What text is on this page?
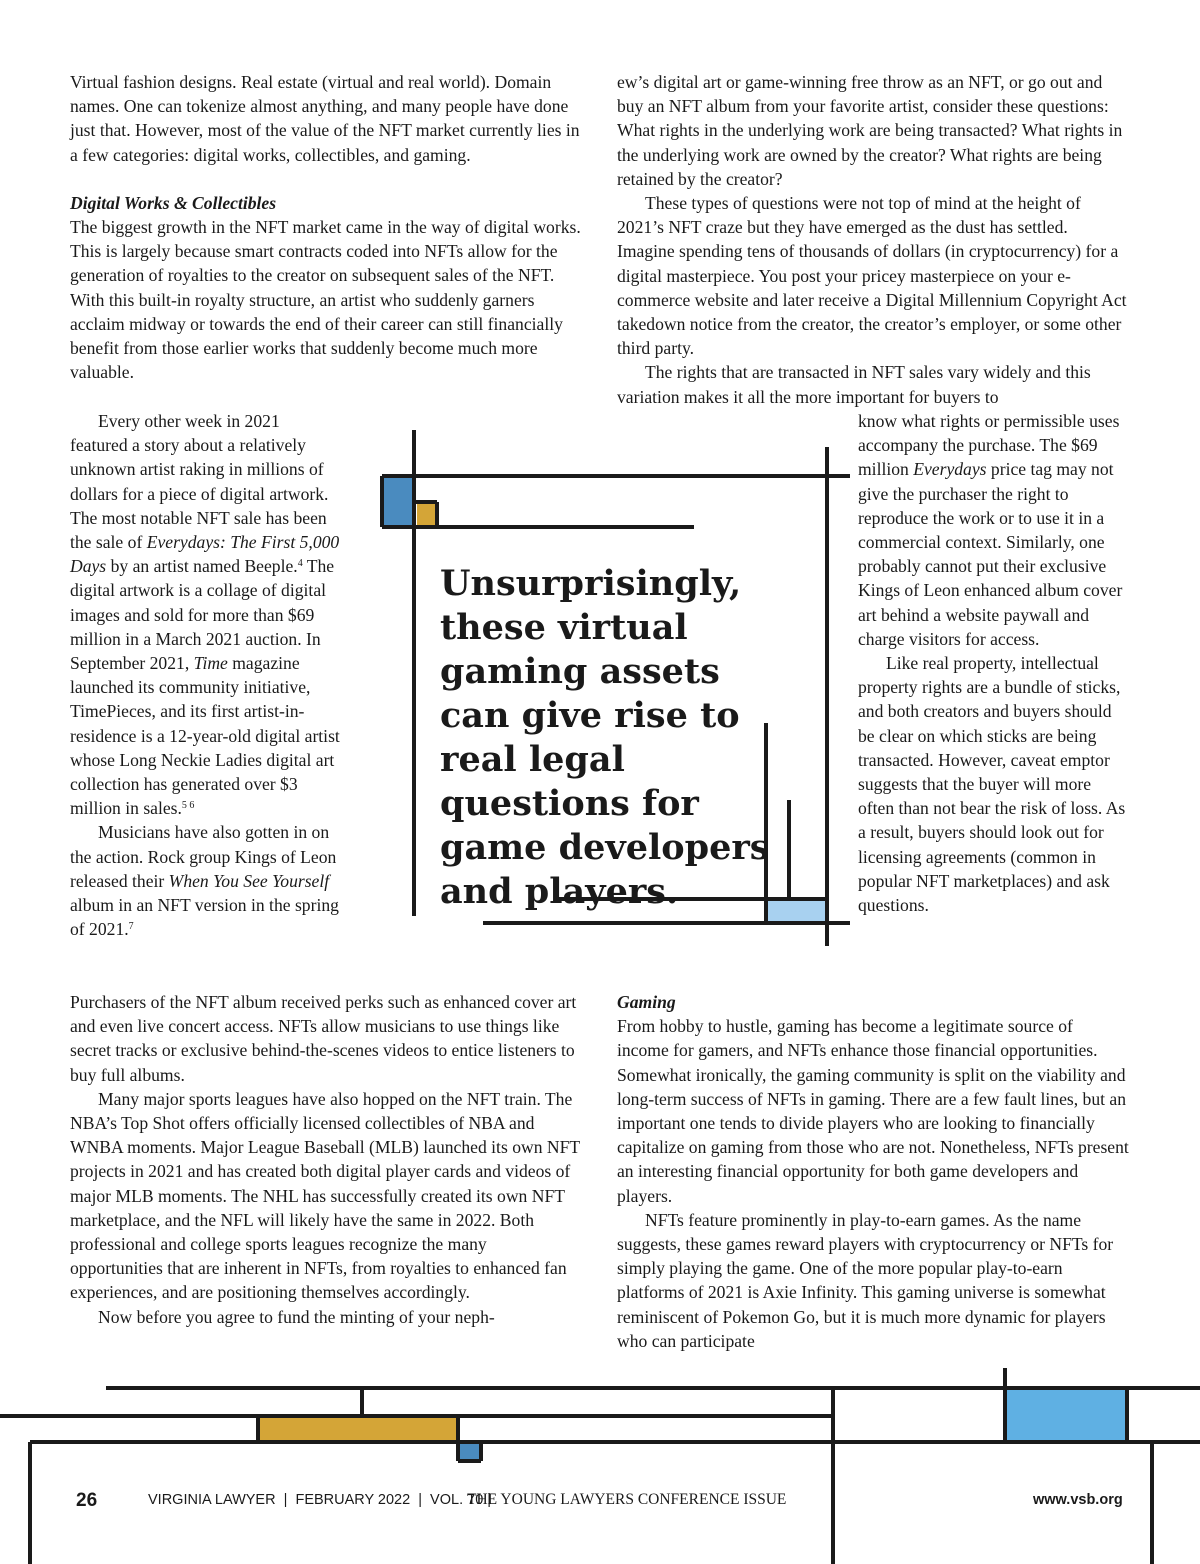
Virtual fashion designs. Real estate (virtual and real world). Domain names. One can tokenize almost anything, and many people have done just that. However, most of the value of the NFT market currently lies in a few categories: digital works, collectibles, and gaming.

Digital Works & Collectibles

The biggest growth in the NFT market came in the way of digital works. This is largely because smart contracts coded into NFTs allow for the generation of royalties to the creator on subsequent sales of the NFT. With this built-in royalty structure, an artist who suddenly garners acclaim midway or towards the end of their career can still financially benefit from those earlier works that suddenly become much more valuable.

Every other week in 2021 featured a story about a relatively unknown artist raking in millions of dollars for a piece of digital artwork. The most notable NFT sale has been the sale of Everydays: The First 5,000 Days by an artist named Beeple.$^4$ The digital artwork is a collage of digital images and sold for more than $69 million in a March 2021 auction. In September 2021, Time magazine launched its community initiative, TimePieces, and its first artist-in-residence is a 12-year-old digital artist whose Long Neckie Ladies digital art collection has generated over $3 million in sales.$^{5 6}$

Musicians have also gotten in on the action. Rock group Kings of Leon released their When You See Yourself album in an NFT version in the spring of 2021.$^7$

Purchasers of the NFT album received perks such as enhanced cover art and even live concert access. NFTs allow musicians to use things like secret tracks or exclusive behind-the-scenes videos to entice listeners to buy full albums.

Many major sports leagues have also hopped on the NFT train. The NBA’s Top Shot offers officially licensed collectibles of NBA and WNBA moments. Major League Baseball (MLB) launched its own NFT projects in 2021 and has created both digital player cards and videos of major MLB moments. The NHL has successfully created its own NFT marketplace, and the NFL will likely have the same in 2022. Both professional and college sports leagues recognize the many opportunities that are inherent in NFTs, from royalties to enhanced fan experiences, and are positioning themselves accordingly.

Now before you agree to fund the minting of your neph-

ew’s digital art or game-winning free throw as an NFT, or go out and buy an NFT album from your favorite artist, consider these questions: What rights in the underlying work are being transacted? What rights in the underlying work are owned by the creator? What rights are being retained by the creator?

These types of questions were not top of mind at the height of 2021’s NFT craze but they have emerged as the dust has settled. Imagine spending tens of thousands of dollars (in cryptocurrency) for a digital masterpiece. You post your pricey masterpiece on your e-commerce website and later receive a Digital Millennium Copyright Act takedown notice from the creator, the creator’s employer, or some other third party.

The rights that are transacted in NFT sales vary widely and this variation makes it all the more important for buyers to

know what rights or permissible uses accompany the purchase. The $69 million Everydays price tag may not give the purchaser the right to reproduce the work or to use it in a commercial context. Similarly, one probably cannot put their exclusive Kings of Leon enhanced album cover art behind a website paywall and charge visitors for access.

Like real property, intellectual property rights are a bundle of sticks, and both creators and buyers should be clear on which sticks are being transacted. However, caveat emptor suggests that the buyer will more often than not bear the risk of loss. As a result, buyers should look out for licensing agreements (common in popular NFT marketplaces) and ask questions.

Gaming

From hobby to hustle, gaming has become a legitimate source of income for gamers, and NFTs enhance those financial opportunities. Somewhat ironically, the gaming community is split on the viability and long-term success of NFTs in gaming. There are a few fault lines, but an important one tends to divide players who are looking to financially capitalize on gaming from those who are not. Nonetheless, NFTs present an interesting financial opportunity for both game developers and players.

NFTs feature prominently in play-to-earn games. As the name suggests, these games reward players with cryptocurrency or NFTs for simply playing the game. One of the more popular play-to-earn platforms of 2021 is Axie Infinity. This gaming universe is somewhat reminiscent of Pokemon Go, but it is much more dynamic for players who can participate

Unsurprisingly, these virtual gaming assets can give rise to real legal questions for game developers and players.

26	VIRGINIA LAWYER  |  FEBRUARY 2022  |  VOL. 70 |

THE YOUNG LAWYERS CONFERENCE ISSUE	www.vsb.org
